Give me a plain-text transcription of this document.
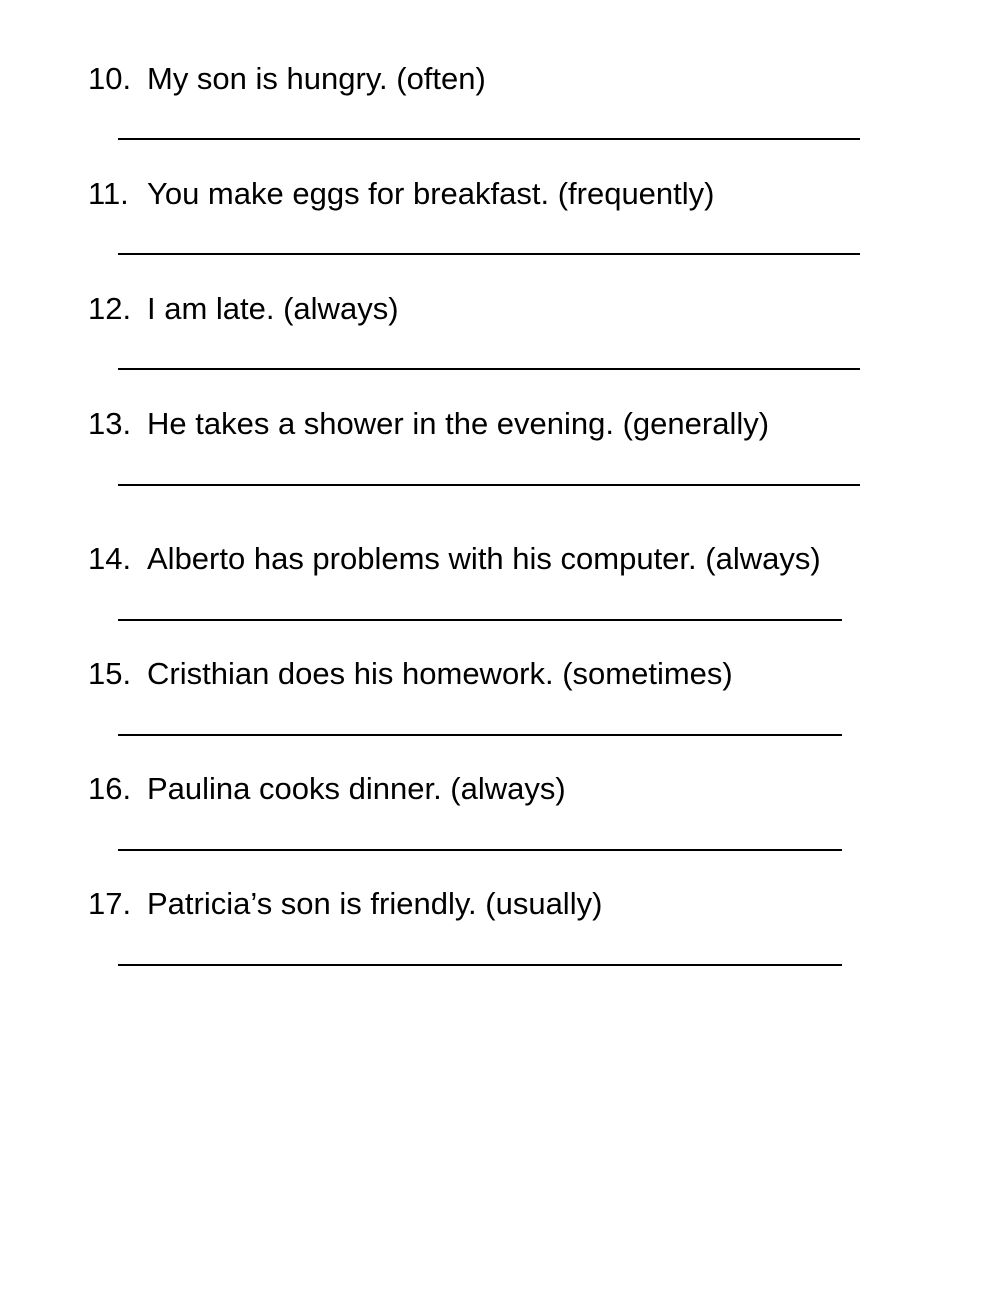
10. My son is hungry. (often)
11. You make eggs for breakfast. (frequently)
12. I am late. (always)
13. He takes a shower in the evening. (generally)
14. Alberto has problems with his computer. (always)
15. Cristhian does his homework. (sometimes)
16. Paulina cooks dinner. (always)
17. Patricia’s son is friendly. (usually)
